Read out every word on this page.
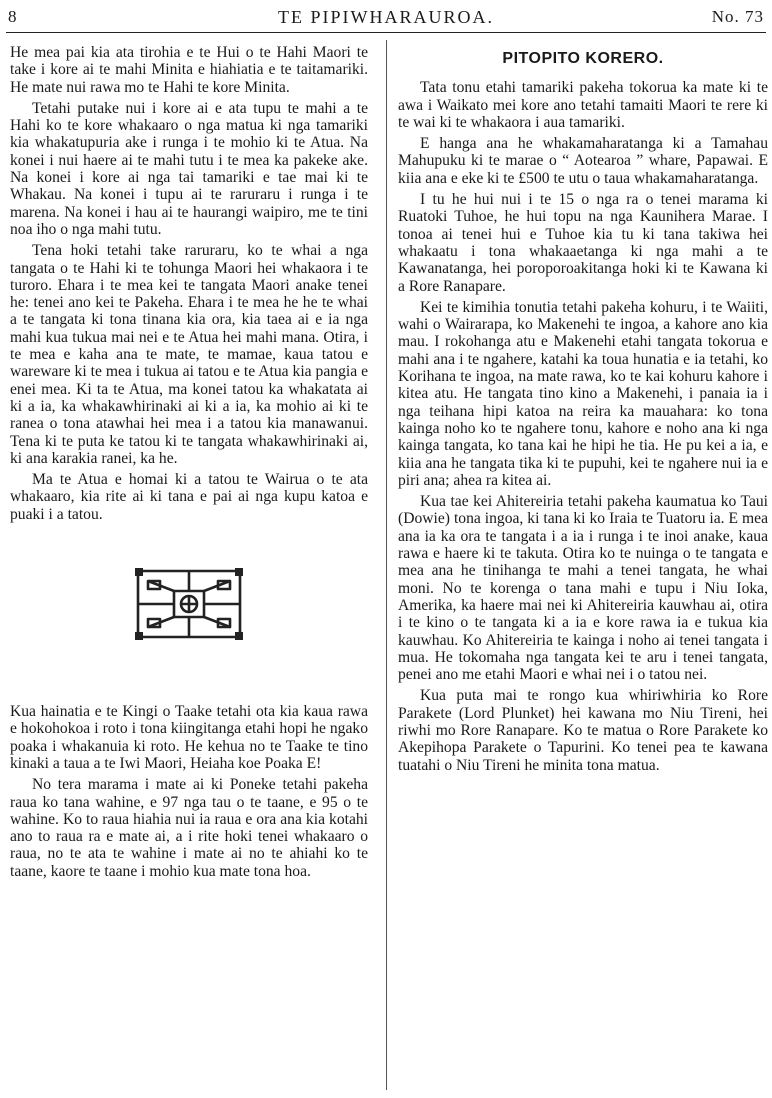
8	TE PIPIWHARAUROA.	No. 73

He mea pai kia ata tirohia e te Hui o te Hahi Maori te take i kore ai te mahi Minita e hiahiatia e te taitamariki. He mate nui rawa mo te Hahi te kore Minita.

Tetahi putake nui i kore ai e ata tupu te mahi a te Hahi ko te kore whakaaro o nga matua ki nga tamariki kia whakatupuria ake i runga i te mohio ki te Atua. Na konei i nui haere ai te mahi tutu i te mea ka pakeke ake. Na konei i kore ai nga tai tamariki e tae mai ki te Whakau. Na konei i tupu ai te raruraru i runga i te marena. Na konei i hau ai te haurangi waipiro, me te tini noa iho o nga mahi tutu.

Tena hoki tetahi take raruraru, ko te whai a nga tangata o te Hahi ki te tohunga Maori hei whakaora i te turoro. Ehara i te mea kei te tangata Maori anake tenei he: tenei ano kei te Pakeha. Ehara i te mea he he te whai a te tangata ki tona tinana kia ora, kia taea ai e ia nga mahi kua tukua mai nei e te Atua hei mahi mana. Otira, i te mea e kaha ana te mate, te mamae, kaua tatou e wareware ki te mea i tukua ai tatou e te Atua kia pangia e enei mea. Ki ta te Atua, ma konei tatou ka whakatata ai ki a ia, ka whakawhirinaki ai ki a ia, ka mohio ai ki te ranea o tona atawhai hei mea i a tatou kia manawanui. Tena ki te puta ke tatou ki te tangata whakawhirinaki ai, ki ana karakia ranei, ka he.

Ma te Atua e homai ki a tatou te Wairua o te ata whakaaro, kia rite ai ki tana e pai ai nga kupu katoa e puaki i a tatou.

Kua hainatia e te Kingi o Taake tetahi ota kia kaua rawa e hokohokoa i roto i tona kiingitanga etahi hopi he ngako poaka i whakanuia ki roto. He kehua no te Taake te tino kinaki a taua a te Iwi Maori, Heiaha koe Poaka E!

No tera marama i mate ai ki Poneke tetahi pakeha raua ko tana wahine, e 97 nga tau o te taane, e 95 o te wahine. Ko to raua hiahia nui ia raua e ora ana kia kotahi ano to raua ra e mate ai, a i rite hoki tenei whakaaro o raua, no te ata te wahine i mate ai no te ahiahi ko te taane, kaore te taane i mohio kua mate tona hoa.

PITOPITO KORERO.

Tata tonu etahi tamariki pakeha tokorua ka mate ki te awa i Waikato mei kore ano tetahi tamaiti Maori te rere ki te wai ki te whakaora i aua tamariki.

E hanga ana he whakamaharatanga ki a Tamahau Mahupuku ki te marae o “ Aotearoa ” whare, Papawai. E kiia ana e eke ki te £500 te utu o taua whakamaharatanga.

I tu he hui nui i te 15 o nga ra o tenei marama ki Ruatoki Tuhoe, he hui topu na nga Kaunihera Marae. I tonoa ai tenei hui e Tuhoe kia tu ki tana takiwa hei whakaatu i tona whakaaetanga ki nga mahi a te Kawanatanga, hei poroporoakitanga hoki ki te Kawana ki a Rore Ranapare.

Kei te kimihia tonutia tetahi pakeha kohuru, i te Waiiti, wahi o Wairarapa, ko Makenehi te ingoa, a kahore ano kia mau. I rokohanga atu e Makenehi etahi tangata tokorua e mahi ana i te ngahere, katahi ka toua hunatia e ia tetahi, ko Korihana te ingoa, na mate rawa, ko te kai kohuru kahore i kitea atu. He tangata tino kino a Makenehi, i panaia ia i nga teihana hipi katoa na reira ka mauahara: ko tona kainga noho ko te ngahere tonu, kahore e noho ana ki nga kainga tangata, ko tana kai he hipi he tia. He pu kei a ia, e kiia ana he tangata tika ki te pupuhi, kei te ngahere nui ia e piri ana; ahea ra kitea ai.

Kua tae kei Ahitereiria tetahi pakeha kaumatua ko Taui (Dowie) tona ingoa, ki tana ki ko Iraia te Tuatoru ia. E mea ana ia ka ora te tangata i a ia i runga i te inoi anake, kaua rawa e haere ki te takuta. Otira ko te nuinga o te tangata e mea ana he tinihanga te mahi a tenei tangata, he whai moni. No te korenga o tana mahi e tupu i Niu Ioka, Amerika, ka haere mai nei ki Ahitereiria kauwhau ai, otira i te kino o te tangata ki a ia e kore rawa ia e tukua kia kauwhau. Ko Ahitereiria te kainga i noho ai tenei tangata i mua. He tokomaha nga tangata kei te aru i tenei tangata, penei ano me etahi Maori e whai nei i o tatou nei.

Kua puta mai te rongo kua whiriwhiria ko Rore Parakete (Lord Plunket) hei kawana mo Niu Tireni, hei riwhi mo Rore Ranapare. Ko te matua o Rore Parakete ko Akepihopa Parakete o Tapurini. Ko tenei pea te kawana tuatahi o Niu Tireni he minita tona matua.
